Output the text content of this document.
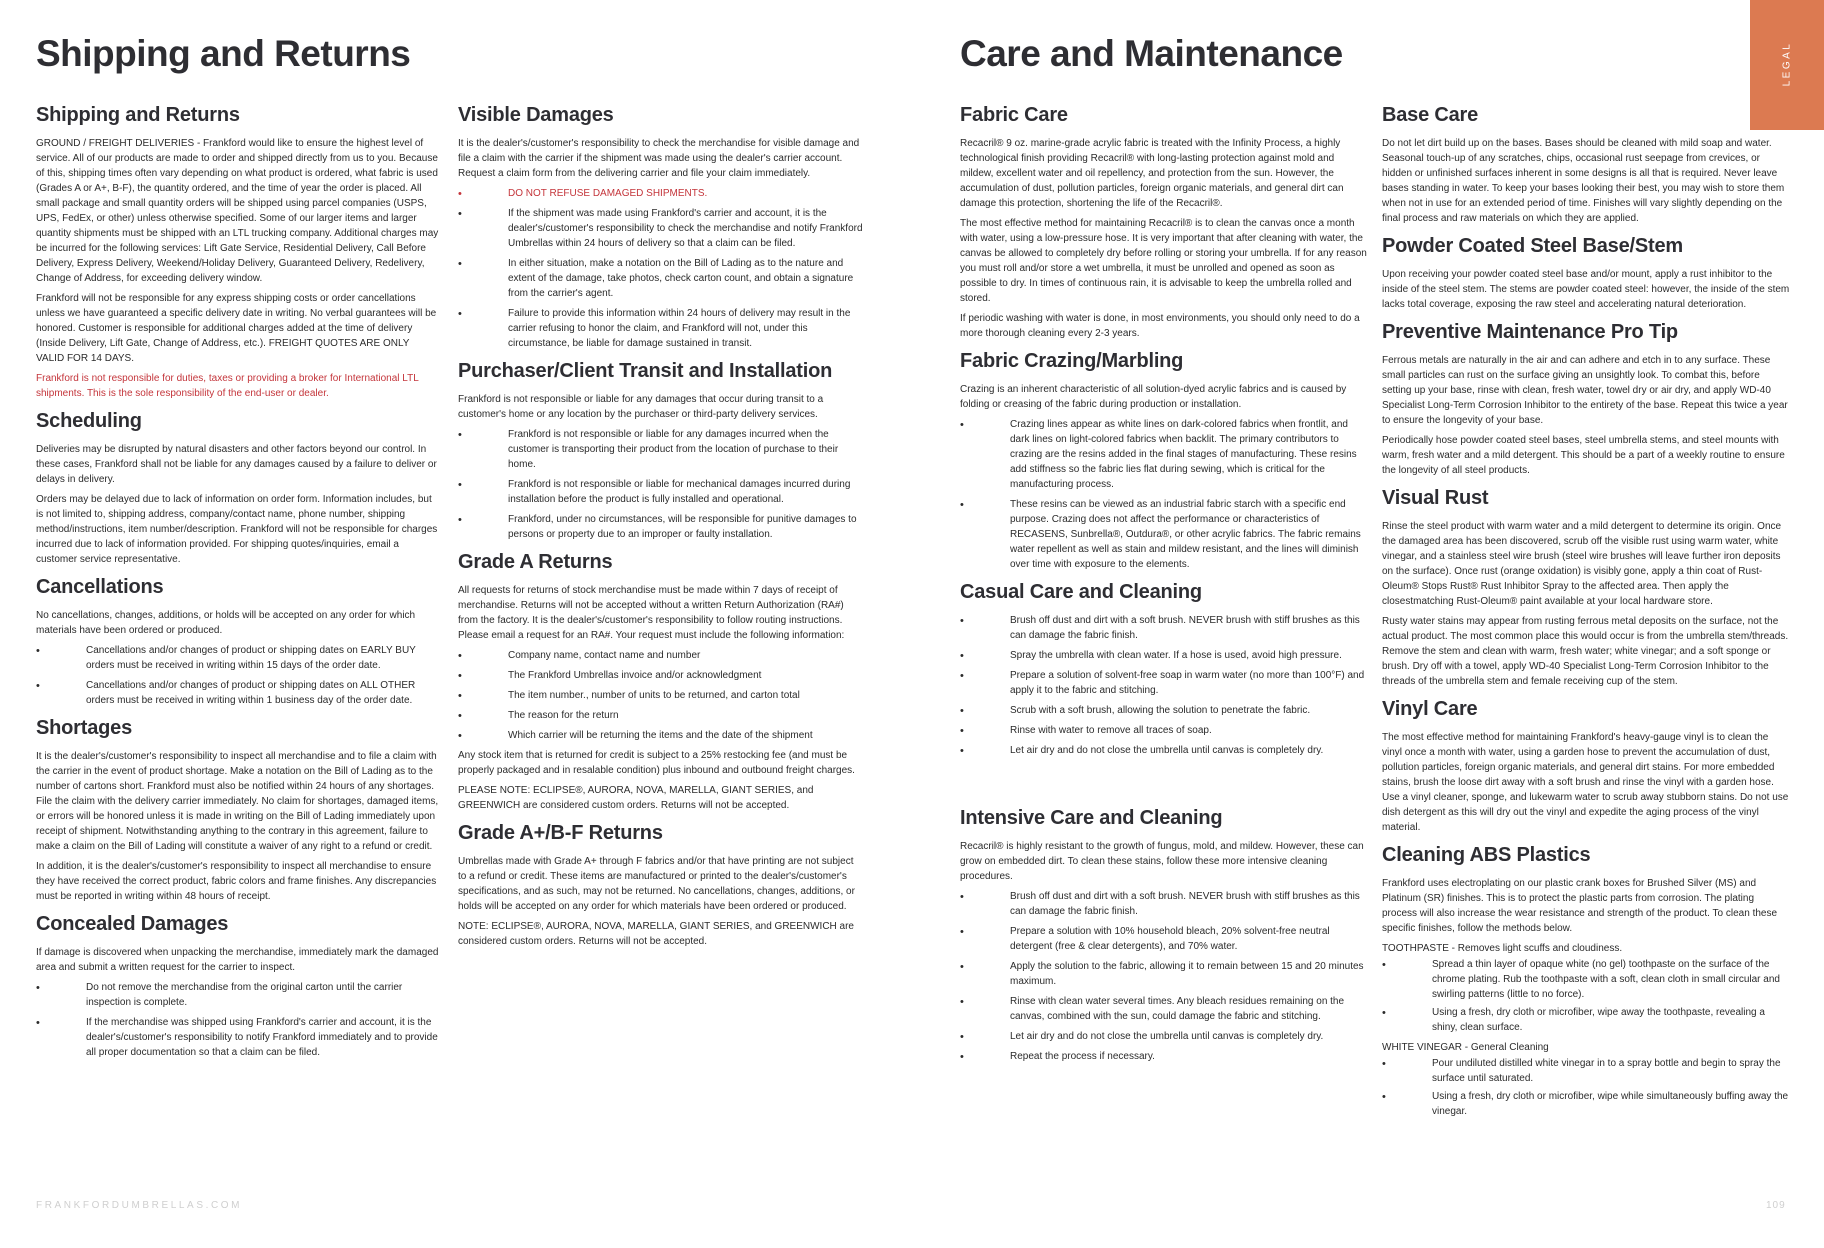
Shipping and Returns	Care and Maintenance	LEGAL
Shipping and Returns

GROUND / FREIGHT DELIVERIES - Frankford would like to ensure the highest level of service. All of our products are made to order and shipped directly from us to you. Because of this, shipping times often vary depending on what product is ordered, what fabric is used (Grades A or A+, B-F), the quantity ordered, and the time of year the order is placed. All small package and small quantity orders will be shipped using parcel companies (USPS, UPS, FedEx, or other) unless otherwise specified. Some of our larger items and larger quantity shipments must be shipped with an LTL trucking company. Additional charges may be incurred for the following services: Lift Gate Service, Residential Delivery, Call Before Delivery, Express Delivery, Weekend/Holiday Delivery, Guaranteed Delivery, Redelivery, Change of Address, for exceeding delivery window.

Frankford will not be responsible for any express shipping costs or order cancellations unless we have guaranteed a specific delivery date in writing. No verbal guarantees will be honored. Customer is responsible for additional charges added at the time of delivery (Inside Delivery, Lift Gate, Change of Address, etc.). FREIGHT QUOTES ARE ONLY VALID FOR 14 DAYS.

Frankford is not responsible for duties, taxes or providing a broker for International LTL shipments. This is the sole responsibility of the end-user or dealer.

Scheduling

Deliveries may be disrupted by natural disasters and other factors beyond our control. In these cases, Frankford shall not be liable for any damages caused by a failure to deliver or delays in delivery.

Orders may be delayed due to lack of information on order form. Information includes, but is not limited to, shipping address, company/contact name, phone number, shipping method/instructions, item number/description. Frankford will not be responsible for charges incurred due to lack of information provided. For shipping quotes/inquiries, email a customer service representative.

Cancellations

No cancellations, changes, additions, or holds will be accepted on any order for which materials have been ordered or produced.

• Cancellations and/or changes of product or shipping dates on EARLY BUY orders must be received in writing within 15 days of the order date.
• Cancellations and/or changes of product or shipping dates on ALL OTHER orders must be received in writing within 1 business day of the order date.
Shortages

It is the dealer's/customer's responsibility to inspect all merchandise and to file a claim with the carrier in the event of product shortage. Make a notation on the Bill of Lading as to the number of cartons short. Frankford must also be notified within 24 hours of any shortages. File the claim with the delivery carrier immediately. No claim for shortages, damaged items, or errors will be honored unless it is made in writing on the Bill of Lading immediately upon receipt of shipment. Notwithstanding anything to the contrary in this agreement, failure to make a claim on the Bill of Lading will constitute a waiver of any right to a refund or credit.

In addition, it is the dealer's/customer's responsibility to inspect all merchandise to ensure they have received the correct product, fabric colors and frame finishes. Any discrepancies must be reported in writing within 48 hours of receipt.

Concealed Damages

If damage is discovered when unpacking the merchandise, immediately mark the damaged area and submit a written request for the carrier to inspect.

• Do not remove the merchandise from the original carton until the carrier inspection is complete.
• If the merchandise was shipped using Frankford's carrier and account, it is the dealer's/customer's responsibility to notify Frankford immediately and to provide all proper documentation so that a claim can be filed.
Visible Damages

It is the dealer's/customer's responsibility to check the merchandise for visible damage and file a claim with the carrier if the shipment was made using the dealer's carrier account. Request a claim form from the delivering carrier and file your claim immediately.

• DO NOT REFUSE DAMAGED SHIPMENTS.
• If the shipment was made using Frankford's carrier and account, it is the dealer's/customer's responsibility to check the merchandise and notify Frankford Umbrellas within 24 hours of delivery so that a claim can be filed.
• In either situation, make a notation on the Bill of Lading as to the nature and extent of the damage, take photos, check carton count, and obtain a signature from the carrier's agent.
• Failure to provide this information within 24 hours of delivery may result in the carrier refusing to honor the claim, and Frankford will not, under this circumstance, be liable for damage sustained in transit.
Purchaser/Client Transit and Installation

Frankford is not responsible or liable for any damages that occur during transit to a customer's home or any location by the purchaser or third-party delivery services.

• Frankford is not responsible or liable for any damages incurred when the customer is transporting their product from the location of purchase to their home.
• Frankford is not responsible or liable for mechanical damages incurred during installation before the product is fully installed and operational.
• Frankford, under no circumstances, will be responsible for punitive damages to persons or property due to an improper or faulty installation.
Grade A Returns

All requests for returns of stock merchandise must be made within 7 days of receipt of merchandise. Returns will not be accepted without a written Return Authorization (RA#) from the factory. It is the dealer's/customer's responsibility to follow routing instructions. Please email a request for an RA#. Your request must include the following information:

• Company name, contact name and number
• The Frankford Umbrellas invoice and/or acknowledgment
• The item number., number of units to be returned, and carton total
• The reason for the return
• Which carrier will be returning the items and the date of the shipment

Any stock item that is returned for credit is subject to a 25% restocking fee (and must be properly packaged and in resalable condition) plus inbound and outbound freight charges.

PLEASE NOTE: ECLIPSE®, AURORA, NOVA, MARELLA, GIANT SERIES, and GREENWICH are considered custom orders. Returns will not be accepted.

Grade A+/B-F Returns

Umbrellas made with Grade A+ through F fabrics and/or that have printing are not subject to a refund or credit. These items are manufactured or printed to the dealer's/customer's specifications, and as such, may not be returned. No cancellations, changes, additions, or holds will be accepted on any order for which materials have been ordered or produced.

NOTE: ECLIPSE®, AURORA, NOVA, MARELLA, GIANT SERIES, and GREENWICH are considered custom orders. Returns will not be accepted.

Fabric Care

Recacril® 9 oz. marine-grade acrylic fabric is treated with the Infinity Process, a highly technological finish providing Recacril® with long-lasting protection against mold and mildew, excellent water and oil repellency, and protection from the sun. However, the accumulation of dust, pollution particles, foreign organic materials, and general dirt can damage this protection, shortening the life of the Recacril®.

The most effective method for maintaining Recacril® is to clean the canvas once a month with water, using a low-pressure hose. It is very important that after cleaning with water, the canvas be allowed to completely dry before rolling or storing your umbrella. If for any reason you must roll and/or store a wet umbrella, it must be unrolled and opened as soon as possible to dry. In times of continuous rain, it is advisable to keep the umbrella rolled and stored.

If periodic washing with water is done, in most environments, you should only need to do a more thorough cleaning every 2-3 years.

Fabric Crazing/Marbling

Crazing is an inherent characteristic of all solution-dyed acrylic fabrics and is caused by folding or creasing of the fabric during production or installation.

• Crazing lines appear as white lines on dark-colored fabrics when frontlit, and dark lines on light-colored fabrics when backlit. The primary contributors to crazing are the resins added in the final stages of manufacturing. These resins add stiffness so the fabric lies flat during sewing, which is critical for the manufacturing process.
• These resins can be viewed as an industrial fabric starch with a specific end purpose. Crazing does not affect the performance or characteristics of RECASENS, Sunbrella®, Outdura®, or other acrylic fabrics. The fabric remains water repellent as well as stain and mildew resistant, and the lines will diminish over time with exposure to the elements.
Casual Care and Cleaning
• Brush off dust and dirt with a soft brush. NEVER brush with stiff brushes as this can damage the fabric finish.
• Spray the umbrella with clean water. If a hose is used, avoid high pressure.
• Prepare a solution of solvent-free soap in warm water (no more than 100°F) and apply it to the fabric and stitching.
• Scrub with a soft brush, allowing the solution to penetrate the fabric.
• Rinse with water to remove all traces of soap.
• Let air dry and do not close the umbrella until canvas is completely dry.
Intensive Care and Cleaning

Recacril® is highly resistant to the growth of fungus, mold, and mildew. However, these can grow on embedded dirt. To clean these stains, follow these more intensive cleaning procedures.

• Brush off dust and dirt with a soft brush. NEVER brush with stiff brushes as this can damage the fabric finish.
• Prepare a solution with 10% household bleach, 20% solvent-free neutral detergent (free & clear detergents), and 70% water.
• Apply the solution to the fabric, allowing it to remain between 15 and 20 minutes maximum.
• Rinse with clean water several times. Any bleach residues remaining on the canvas, combined with the sun, could damage the fabric and stitching.
• Let air dry and do not close the umbrella until canvas is completely dry.
• Repeat the process if necessary.
Base Care

Do not let dirt build up on the bases. Bases should be cleaned with mild soap and water. Seasonal touch-up of any scratches, chips, occasional rust seepage from crevices, or hidden or unfinished surfaces inherent in some designs is all that is required. Never leave bases standing in water. To keep your bases looking their best, you may wish to store them when not in use for an extended period of time. Finishes will vary slightly depending on the final process and raw materials on which they are applied.

Powder Coated Steel Base/Stem

Upon receiving your powder coated steel base and/or mount, apply a rust inhibitor to the inside of the steel stem. The stems are powder coated steel: however, the inside of the stem lacks total coverage, exposing the raw steel and accelerating natural deterioration.

Preventive Maintenance Pro Tip

Ferrous metals are naturally in the air and can adhere and etch in to any surface. These small particles can rust on the surface giving an unsightly look. To combat this, before setting up your base, rinse with clean, fresh water, towel dry or air dry, and apply WD-40 Specialist Long-Term Corrosion Inhibitor to the entirety of the base. Repeat this twice a year to ensure the longevity of your base.

Periodically hose powder coated steel bases, steel umbrella stems, and steel mounts with warm, fresh water and a mild detergent. This should be a part of a weekly routine to ensure the longevity of all steel products.

Visual Rust

Rinse the steel product with warm water and a mild detergent to determine its origin. Once the damaged area has been discovered, scrub off the visible rust using warm water, white vinegar, and a stainless steel wire brush (steel wire brushes will leave further iron deposits on the surface). Once rust (orange oxidation) is visibly gone, apply a thin coat of Rust-Oleum® Stops Rust® Rust Inhibitor Spray to the affected area. Then apply the closestmatching Rust-Oleum® paint available at your local hardware store.

Rusty water stains may appear from rusting ferrous metal deposits on the surface, not the actual product. The most common place this would occur is from the umbrella stem/threads. Remove the stem and clean with warm, fresh water; white vinegar; and a soft sponge or brush. Dry off with a towel, apply WD-40 Specialist Long-Term Corrosion Inhibitor to the threads of the umbrella stem and female receiving cup of the stem.

Vinyl Care

The most effective method for maintaining Frankford's heavy-gauge vinyl is to clean the vinyl once a month with water, using a garden hose to prevent the accumulation of dust, pollution particles, foreign organic materials, and general dirt stains. For more embedded stains, brush the loose dirt away with a soft brush and rinse the vinyl with a garden hose. Use a vinyl cleaner, sponge, and lukewarm water to scrub away stubborn stains. Do not use dish detergent as this will dry out the vinyl and expedite the aging process of the vinyl material.

Cleaning ABS Plastics

Frankford uses electroplating on our plastic crank boxes for Brushed Silver (MS) and Platinum (SR) finishes. This is to protect the plastic parts from corrosion. The plating process will also increase the wear resistance and strength of the product. To clean these specific finishes, follow the methods below.

TOOTHPASTE - Removes light scuffs and cloudiness.

• Spread a thin layer of opaque white (no gel) toothpaste on the surface of the chrome plating. Rub the toothpaste with a soft, clean cloth in small circular and swirling patterns (little to no force).
• Using a fresh, dry cloth or microfiber, wipe away the toothpaste, revealing a shiny, clean surface.

WHITE VINEGAR - General Cleaning

• Pour undiluted distilled white vinegar in to a spray bottle and begin to spray the surface until saturated.
• Using a fresh, dry cloth or microfiber, wipe while simultaneously buffing away the vinegar.
FRANKFORDUMBRELLAS.COM	109
